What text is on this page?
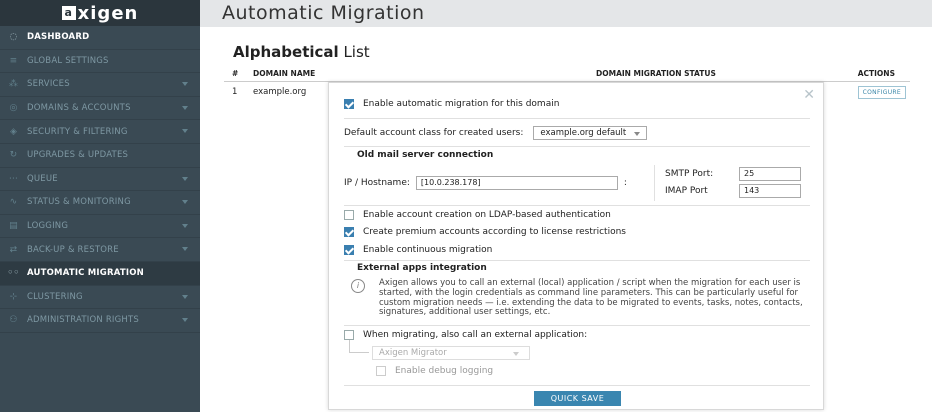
a xigen
◌	DASHBOARD
≡	GLOBAL SETTINGS
⁂	SERVICES
◎	DOMAINS & ACCOUNTS
◈	SECURITY & FILTERING
↻	UPGRADES & UPDATES
⋯	QUEUE
∿	STATUS & MONITORING
▤	LOGGING
⇄	BACK-UP & RESTORE
◦◦ AUTOMATIC MIGRATION
⊹	CLUSTERING
⚇	ADMINISTRATION RIGHTS
Automatic Migration
Alphabetical List
# DOMAIN NAME	DOMAIN MIGRATION STATUS	ACTIONS
1 example.org	CONFIGURE
✕
Enable automatic migration for this domain
Default account class for created users:	example.org default
Old mail server connection
IP / Hostname:	[10.0.238.178]	:
SMTP Port:	25
IMAP Port	143
Enable account creation on LDAP-based authentication
Create premium accounts according to license restrictions
Enable continuous migration
External apps integration
i	Axigen allows you to call an external (local) application / script when the migration for each user is started, with the login credentials as command line parameters. This can be particularly useful for custom migration needs — i.e. extending the data to be migrated to events, tasks, notes, contacts, signatures, additional user settings, etc.
When migrating, also call an external application:
Axigen Migrator
Enable debug logging
QUICK SAVE
